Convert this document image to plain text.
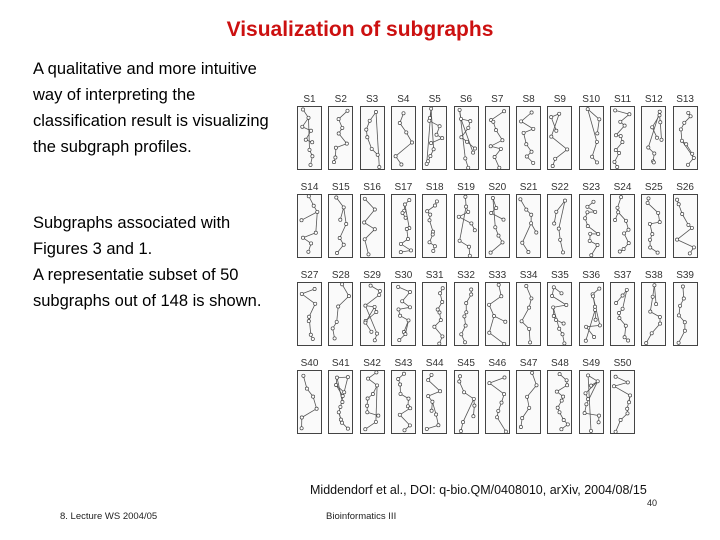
Visualization of subgraphs
A qualitative and more intuitive way of interpreting the classification result is visualizing the subgraph profiles.
Subgraphs associated with Figures 3 and 1.
A representatie subset of 50 subgraphs out of 148 is shown.
S1	S2	S3	S4	S5	S6	S7	S8	S9	S10	S11	S12	S13
S14	S15	S16	S17	S18	S19	S20	S21	S22	S23	S24	S25	S26
S27	S28	S29	S30	S31	S32	S33	S34	S35	S36	S37	S38	S39
S40	S41	S42	S43	S44	S45	S46	S47	S48	S49	S50
Middendorf et al., DOI: q-bio.QM/0408010, arXiv, 2004/08/15
40
8. Lecture WS 2004/05	Bioinformatics III
